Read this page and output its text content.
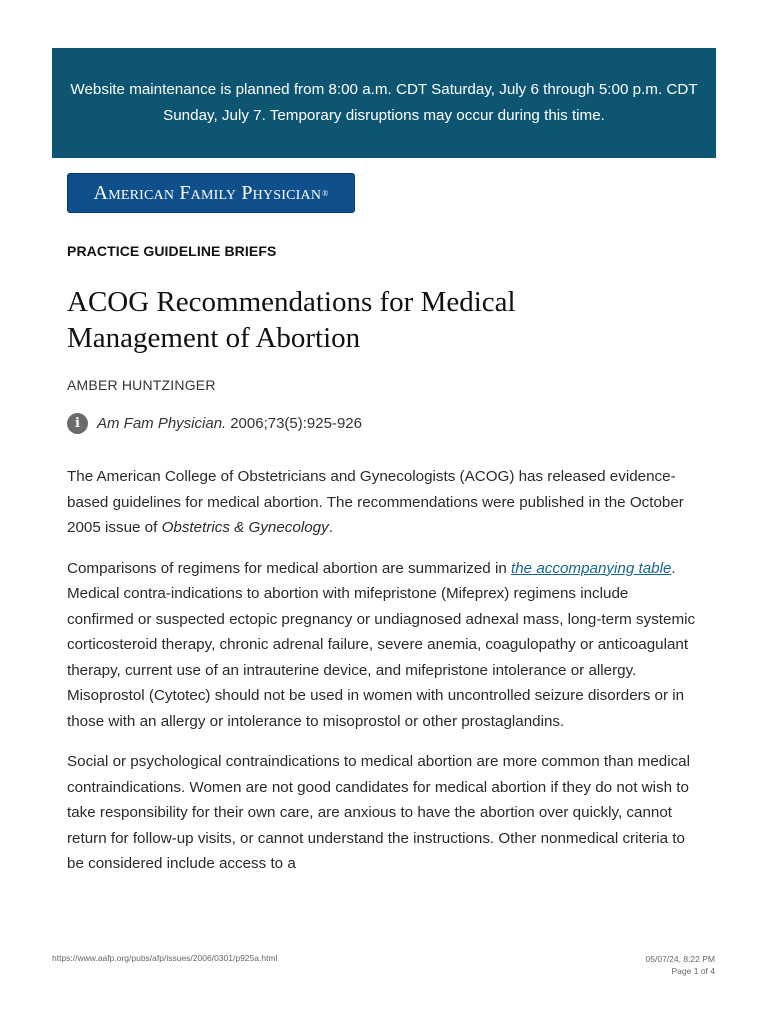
Website maintenance is planned from 8:00 a.m. CDT Saturday, July 6 through 5:00 p.m. CDT Sunday, July 7. Temporary disruptions may occur during this time.
American Family Physician ®
PRACTICE GUIDELINE BRIEFS
ACOG Recommendations for Medical Management of Abortion
AMBER HUNTZINGER
i	Am Fam Physician. 2006;73(5):925-926

The American College of Obstetricians and Gynecologists (ACOG) has released evidence-based guidelines for medical abortion. The recommendations were published in the October 2005 issue of Obstetrics & Gynecology.

Comparisons of regimens for medical abortion are summarized in the accompanying table. Medical contra-indications to abortion with mifepristone (Mifeprex) regimens include confirmed or suspected ectopic pregnancy or undiagnosed adnexal mass, long-term systemic corticosteroid therapy, chronic adrenal failure, severe anemia, coagulopathy or anticoagulant therapy, current use of an intrauterine device, and mifepristone intolerance or allergy. Misoprostol (Cytotec) should not be used in women with uncontrolled seizure disorders or in those with an allergy or intolerance to misoprostol or other prostaglandins.

Social or psychological contraindications to medical abortion are more common than medical contraindications. Women are not good candidates for medical abortion if they do not wish to take responsibility for their own care, are anxious to have the abortion over quickly, cannot return for follow-up visits, or cannot understand the instructions. Other nonmedical criteria to be considered include access to a

https://www.aafp.org/pubs/afp/issues/2006/0301/p925a.html	05/07/24, 8:22 PM
Page 1 of 4
